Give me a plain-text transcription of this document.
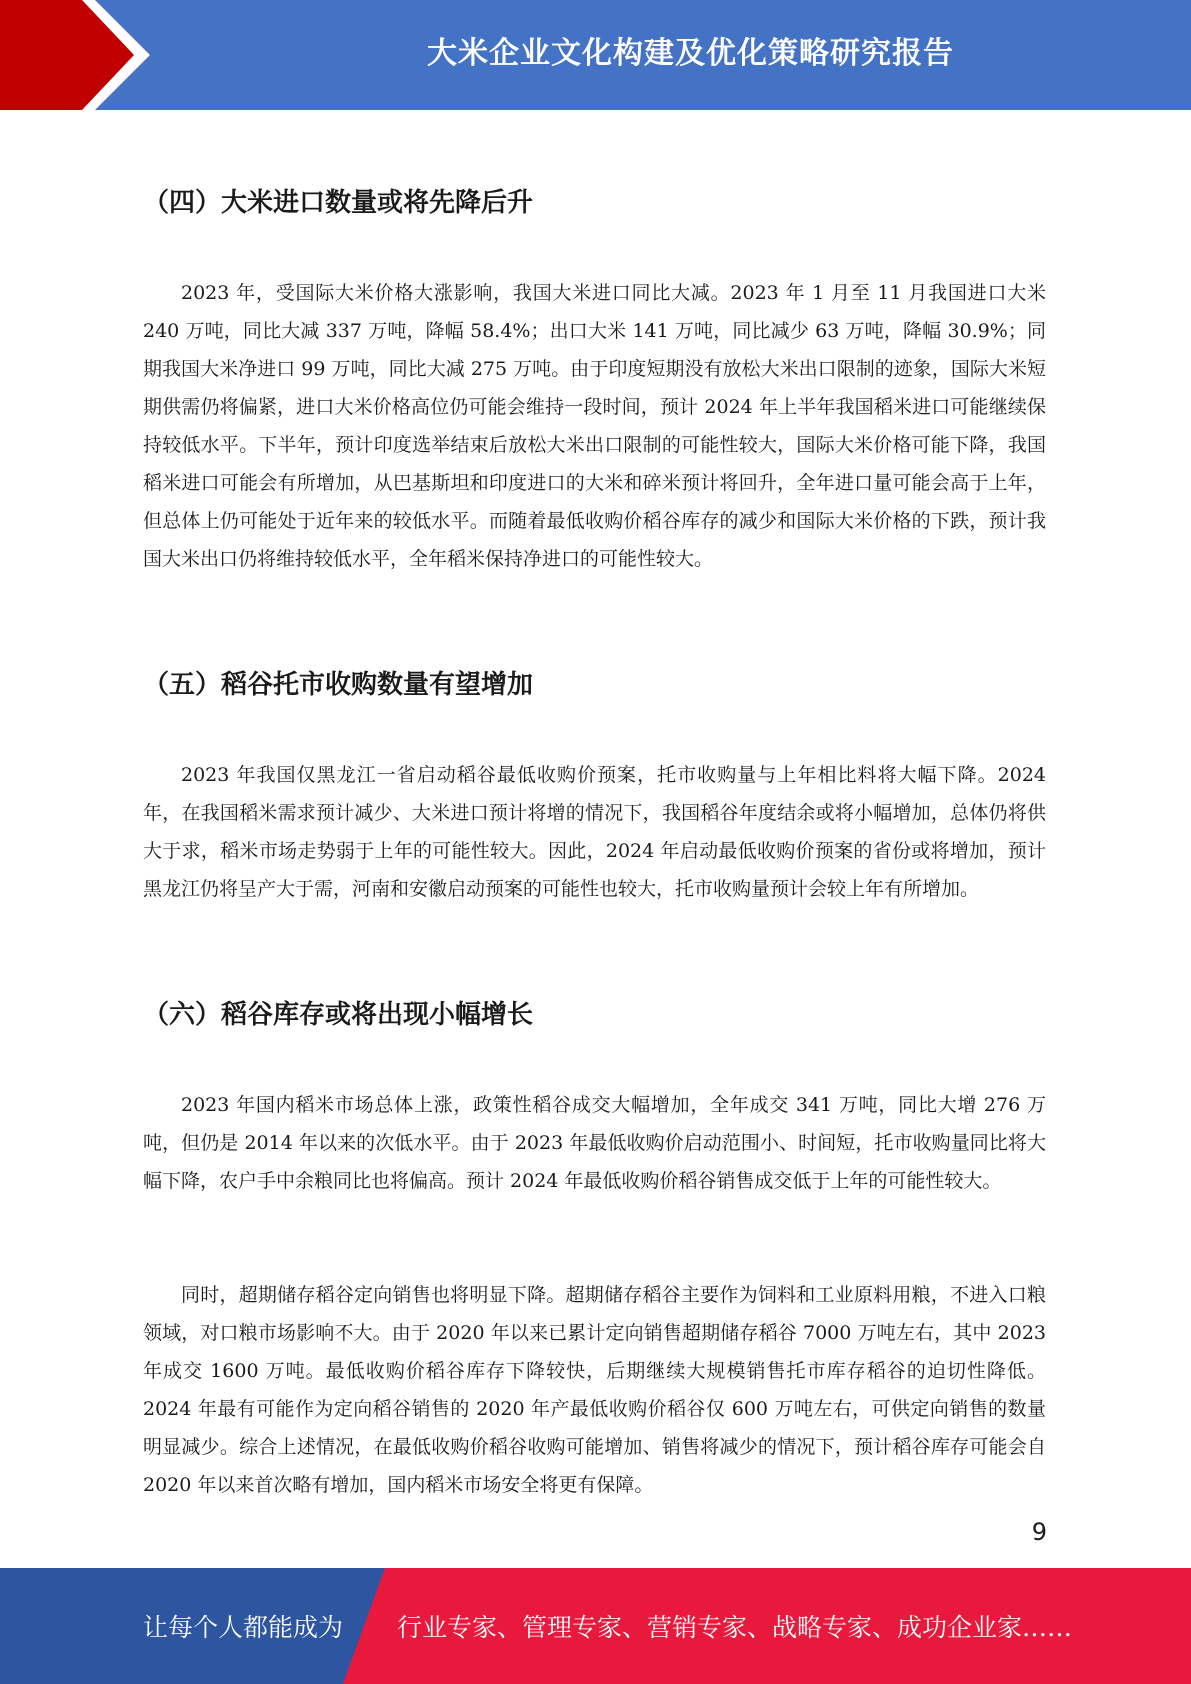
大米企业文化构建及优化策略研究报告
（四）大米进口数量或将先降后升

2023 年，受国际大米价格大涨影响，我国大米进口同比大减。2023 年 1 月至 11 月我国进口大米 240 万吨，同比大减 337 万吨，降幅 58.4%；出口大米 141 万吨，同比减少 63 万吨，降幅 30.9%；同期我国大米净进口 99 万吨，同比大减 275 万吨。由于印度短期没有放松大米出口限制的迹象，国际大米短期供需仍将偏紧，进口大米价格高位仍可能会维持一段时间，预计 2024 年上半年我国稻米进口可能继续保持较低水平。下半年，预计印度选举结束后放松大米出口限制的可能性较大，国际大米价格可能下降，我国稻米进口可能会有所增加，从巴基斯坦和印度进口的大米和碎米预计将回升，全年进口量可能会高于上年，但总体上仍可能处于近年来的较低水平。而随着最低收购价稻谷库存的减少和国际大米价格的下跌，预计我国大米出口仍将维持较低水平，全年稻米保持净进口的可能性较大。

（五）稻谷托市收购数量有望增加

2023 年我国仅黑龙江一省启动稻谷最低收购价预案，托市收购量与上年相比料将大幅下降。2024 年，在我国稻米需求预计减少、大米进口预计将增的情况下，我国稻谷年度结余或将小幅增加，总体仍将供大于求，稻米市场走势弱于上年的可能性较大。因此，2024 年启动最低收购价预案的省份或将增加，预计黑龙江仍将呈产大于需，河南和安徽启动预案的可能性也较大，托市收购量预计会较上年有所增加。

（六）稻谷库存或将出现小幅增长

2023 年国内稻米市场总体上涨，政策性稻谷成交大幅增加，全年成交 341 万吨，同比大增 276 万吨，但仍是 2014 年以来的次低水平。由于 2023 年最低收购价启动范围小、时间短，托市收购量同比将大幅下降，农户手中余粮同比也将偏高。预计 2024 年最低收购价稻谷销售成交低于上年的可能性较大。

同时，超期储存稻谷定向销售也将明显下降。超期储存稻谷主要作为饲料和工业原料用粮，不进入口粮领域，对口粮市场影响不大。由于 2020 年以来已累计定向销售超期储存稻谷 7000 万吨左右，其中 2023 年成交 1600 万吨。最低收购价稻谷库存下降较快，后期继续大规模销售托市库存稻谷的迫切性降低。2024 年最有可能作为定向稻谷销售的 2020 年产最低收购价稻谷仅 600 万吨左右，可供定向销售的数量明显减少。综合上述情况，在最低收购价稻谷收购可能增加、销售将减少的情况下，预计稻谷库存可能会自 2020 年以来首次略有增加，国内稻米市场安全将更有保障。

9
让每个人都能成为 行业专家、管理专家、营销专家、战略专家、成功企业家……
